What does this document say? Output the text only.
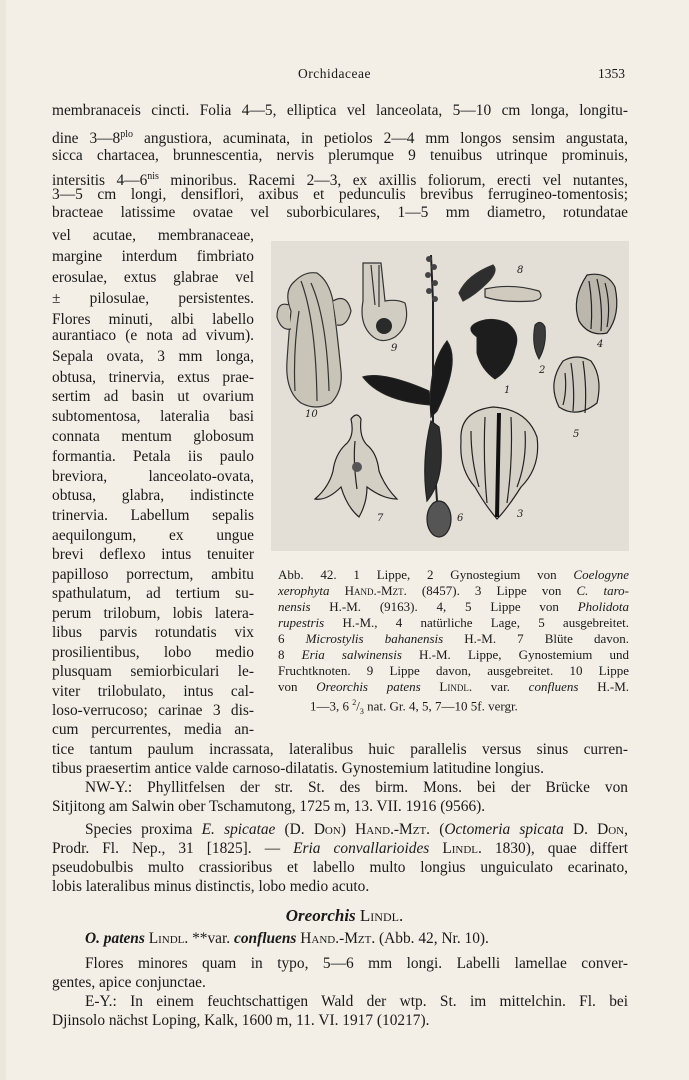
Orchidaceae	1353
membranaceis cincti. Folia 4—5, elliptica vel lanceolata, 5—10 cm longa, longitu-
dine $3—8^{plo}$ angustiora, acuminata, in petiolos 2—4 mm longos sensim angustata,
sicca chartacea, brunnescentia, nervis plerumque 9 tenuibus utrinque prominuis,
intersitis $4—6^{nis}$ minoribus. Racemi 2—3, ex axillis foliorum, erecti vel nutantes,
3—5 cm longi, densiflori, axibus et pedunculis brevibus ferrugineo-tomentosis;
bracteae latissime ovatae vel suborbiculares, 1—5 mm diametro, rotundatae
vel acutae, membranaceae,
margine interdum fimbriato
erosulae, extus glabrae vel
± pilosulae, persistentes.
Flores minuti, albi labello
aurantiaco (e nota ad vivum).
Sepala ovata, 3 mm longa,
obtusa, trinervia, extus prae-
sertim ad basin ut ovarium
subtomentosa, lateralia basi
connata mentum globosum
formantia. Petala iis paulo
breviora, lanceolato-ovata,
obtusa, glabra, indistincte
trinervia. Labellum sepalis
aequilongum, ex ungue
brevi deflexo intus tenuiter
papilloso porrectum, ambitu
spathulatum, ad tertium su-
perum trilobum, lobis latera-
libus parvis rotundatis vix
prosilientibus, lobo medio
plusquam semiorbiculari le-
viter trilobulato, intus cal-
loso-verrucoso; carinae 3 dis-
cum percurrentes, media an-
1
2
3
4
5
6
7
8
9
10
Abb. 42. 1 Lippe, 2 Gynostegium von Coelogyne
xerophyta Hand.-Mzt. (8457). 3 Lippe von C. taro-
nensis H.-M. (9163). 4, 5 Lippe von Pholidota
rupestris H.-M., 4 natürliche Lage, 5 ausgebreitet.
6 Microstylis bahanensis H.-M. 7 Blüte davon.
8 Eria salwinensis H.-M. Lippe, Gynostemium und
Fruchtknoten. 9 Lippe davon, ausgebreitet. 10 Lippe
von Oreorchis patens Lindl. var. confluens H.-M.
1—3, 6 $^2/_3$ nat. Gr. 4, 5, 7—10 5f. vergr.
tice tantum paulum incrassata, lateralibus huic parallelis versus sinus curren-
tibus praesertim antice valde carnoso-dilatatis. Gynostemium latitudine longius.
NW-Y.: Phyllitfelsen der str. St. des birm. Mons. bei der Brücke von
Sitjitong am Salwin ober Tschamutong, 1725 m, 13. VII. 1916 (9566).
Species proxima E. spicatae (D. Don) Hand.-Mzt. (Octomeria spicata D. Don,
Prodr. Fl. Nep., 31 [1825]. — Eria convallarioides Lindl. 1830), quae differt
pseudobulbis multo crassioribus et labello multo longius unguiculato ecarinato,
lobis lateralibus minus distinctis, lobo medio acuto.
Oreorchis Lindl.
O. patens Lindl. **var. confluens Hand.-Mzt. (Abb. 42, Nr. 10).
Flores minores quam in typo, 5—6 mm longi. Labelli lamellae conver-
gentes, apice conjunctae.
E-Y.: In einem feuchtschattigen Wald der wtp. St. im mittelchin. Fl. bei
Djinsolo nächst Loping, Kalk, 1600 m, 11. VI. 1917 (10217).
